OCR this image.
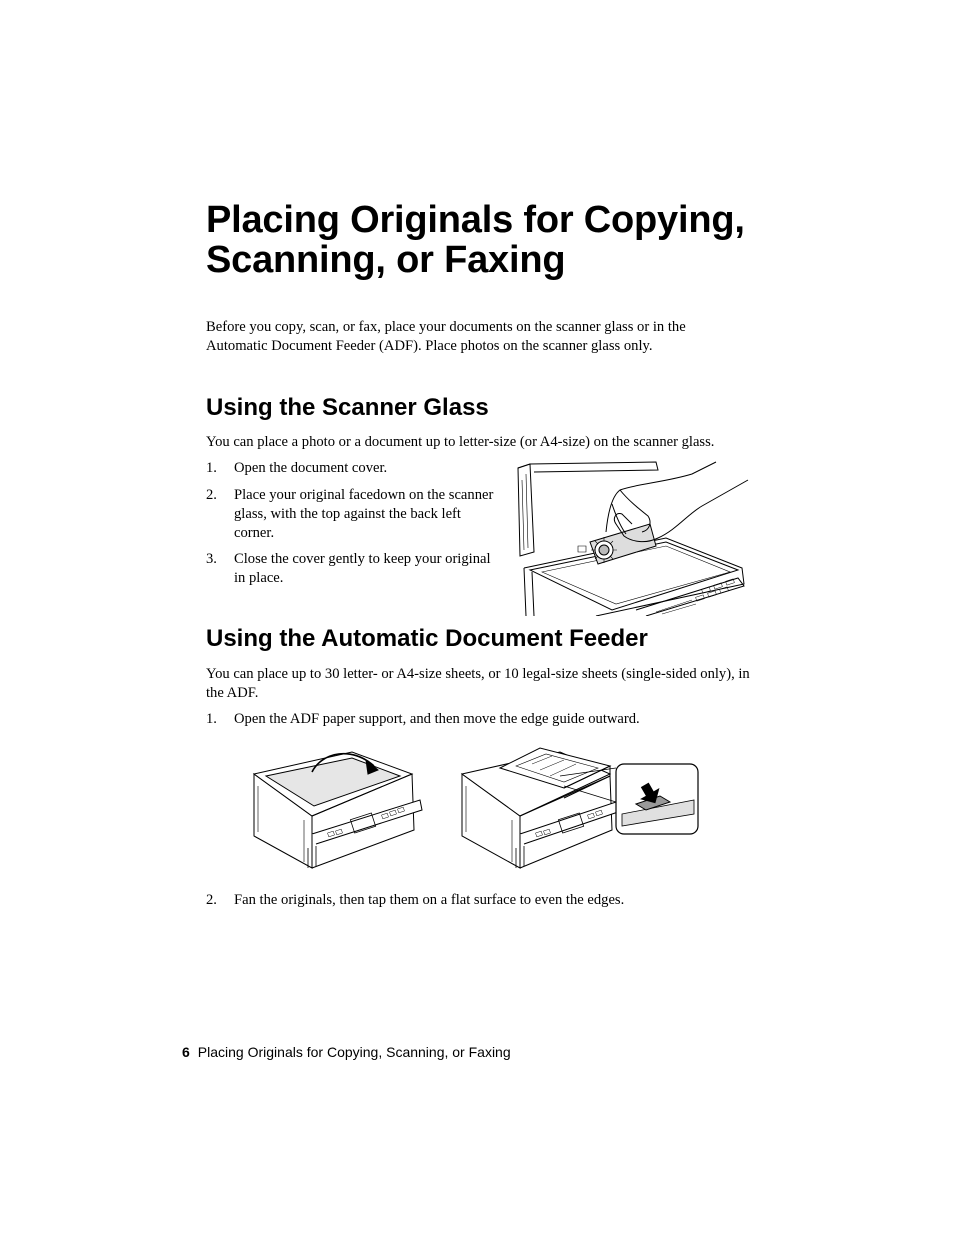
Placing Originals for Copying, Scanning, or Faxing

Before you copy, scan, or fax, place your documents on the scanner glass or in the Automatic Document Feeder (ADF). Place photos on the scanner glass only.

Using the Scanner Glass

You can place a photo or a document up to letter-size (or A4-size) on the scanner glass.

1. Open the document cover.
2. Place your original facedown on the scanner glass, with the top against the back left corner.
3. Close the cover gently to keep your original in place.
Using the Automatic Document Feeder

You can place up to 30 letter- or A4-size sheets, or 10 legal-size sheets (single-sided only), in the ADF.

1. Open the ADF paper support, and then move the edge guide outward.
2. Fan the originals, then tap them on a flat surface to even the edges.
6 Placing Originals for Copying, Scanning, or Faxing
